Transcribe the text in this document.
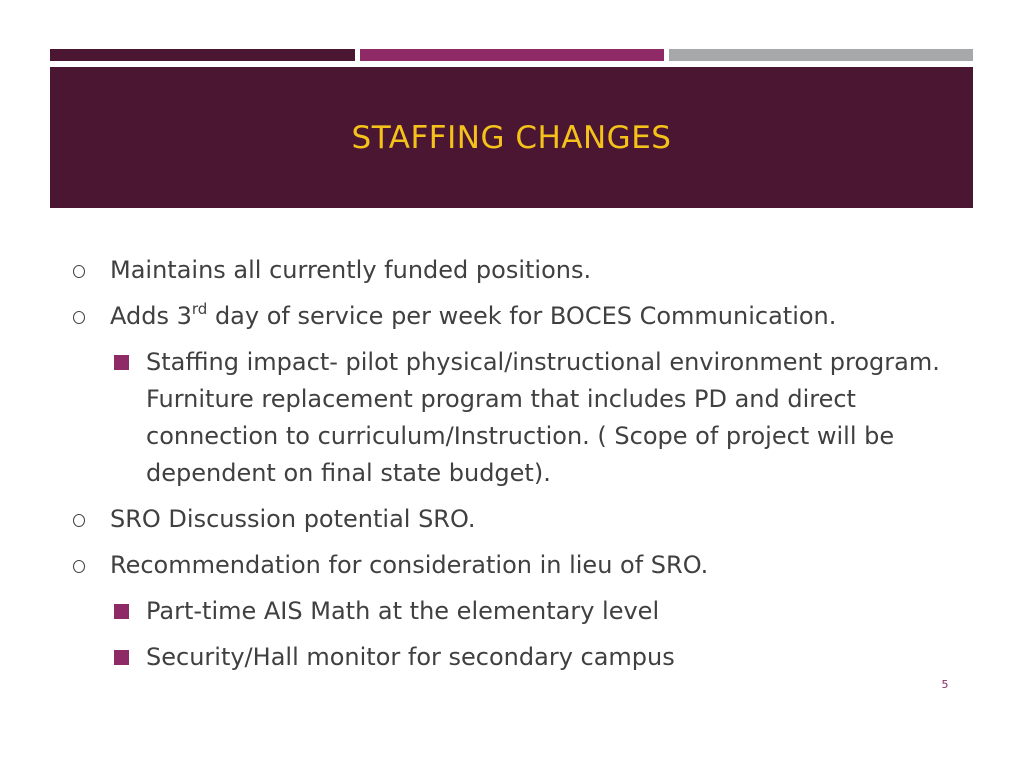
STAFFING CHANGES
Maintains all currently funded positions.
Adds 3rd day of service per week for BOCES Communication.
Staffing impact- pilot physical/instructional environment program. Furniture replacement program that includes PD and direct connection to curriculum/Instruction. ( Scope of project will be dependent on final state budget).
SRO Discussion potential SRO.
Recommendation for consideration in lieu of SRO.
Part-time AIS Math at the elementary level
Security/Hall monitor for secondary campus
5
